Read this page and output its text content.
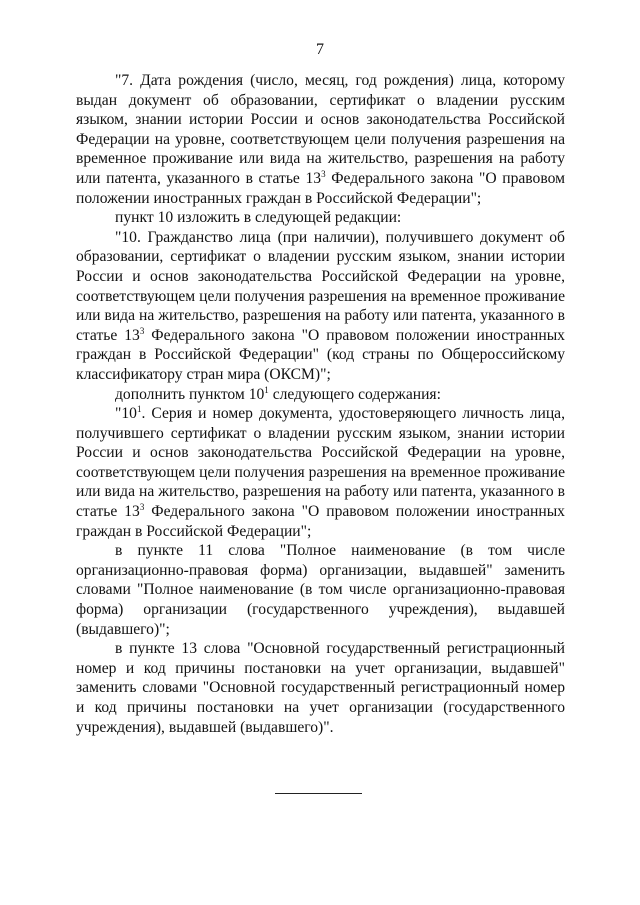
7

"7. Дата рождения (число, месяц, год рождения) лица, которому выдан документ об образовании, сертификат о владении русским языком, знании истории России и основ законодательства Российской Федерации на уровне, соответствующем цели получения разрешения на временное проживание или вида на жительство, разрешения на работу или патента, указанного в статье $13^3$ Федерального закона "О правовом положении иностранных граждан в Российской Федерации";

пункт 10 изложить в следующей редакции:

"10. Гражданство лица (при наличии), получившего документ об образовании, сертификат о владении русским языком, знании истории России и основ законодательства Российской Федерации на уровне, соответствующем цели получения разрешения на временное проживание или вида на жительство, разрешения на работу или патента, указанного в статье $13^3$ Федерального закона "О правовом положении иностранных граждан в Российской Федерации" (код страны по Общероссийскому классификатору стран мира (ОКСМ)";

дополнить пунктом $10^1$ следующего содержания:

"$10^1$. Серия и номер документа, удостоверяющего личность лица, получившего сертификат о владении русским языком, знании истории России и основ законодательства Российской Федерации на уровне, соответствующем цели получения разрешения на временное проживание или вида на жительство, разрешения на работу или патента, указанного в статье $13^3$ Федерального закона "О правовом положении иностранных граждан в Российской Федерации";

в пункте 11 слова "Полное наименование (в том числе организационно-правовая форма) организации, выдавшей" заменить словами "Полное наименование (в том числе организационно-правовая форма) организации (государственного учреждения), выдавшей (выдавшего)";

в пункте 13 слова "Основной государственный регистрационный номер и код причины постановки на учет организации, выдавшей" заменить словами "Основной государственный регистрационный номер и код причины постановки на учет организации (государственного учреждения), выдавшей (выдавшего)".
